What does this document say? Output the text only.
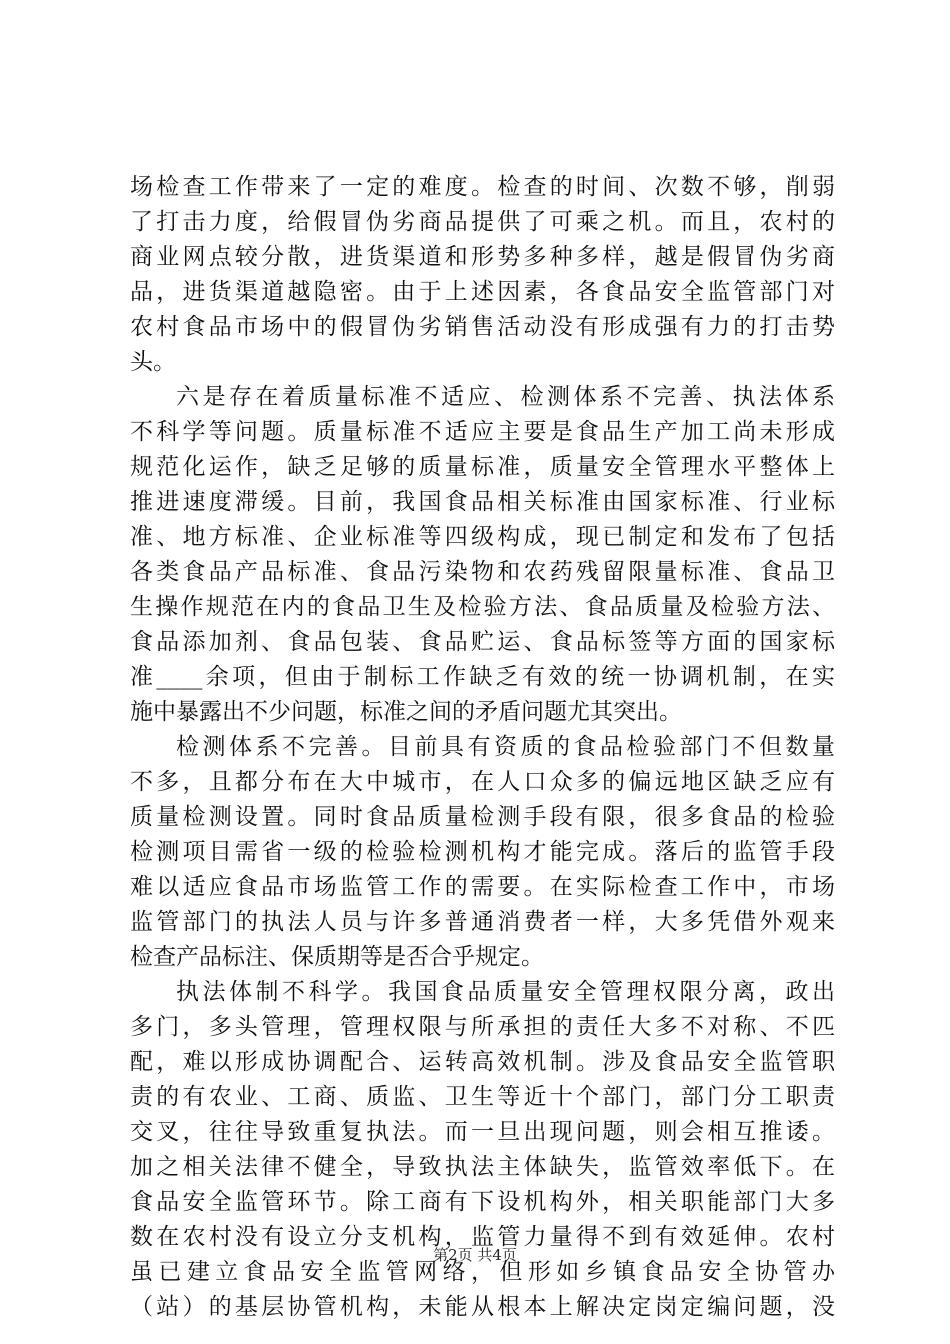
场检查工作带来了一定的难度。检查的时间、次数不够，削弱
了打击力度，给假冒伪劣商品提供了可乘之机。而且，农村的
商业网点较分散，进货渠道和形势多种多样，越是假冒伪劣商
品，进货渠道越隐密。由于上述因素，各食品安全监管部门对
农村食品市场中的假冒伪劣销售活动没有形成强有力的打击势
头。
六是存在着质量标准不适应、检测体系不完善、执法体系
不科学等问题。质量标准不适应主要是食品生产加工尚未形成
规范化运作，缺乏足够的质量标准，质量安全管理水平整体上
推进速度滞缓。目前，我国食品相关标准由国家标准、行业标
准、地方标准、企业标准等四级构成，现已制定和发布了包括
各类食品产品标准、食品污染物和农药残留限量标准、食品卫
生操作规范在内的食品卫生及检验方法、食品质量及检验方法、
食品添加剂、食品包装、食品贮运、食品标签等方面的国家标
准____余项，但由于制标工作缺乏有效的统一协调机制，在实
施中暴露出不少问题，标准之间的矛盾问题尤其突出。
检测体系不完善。目前具有资质的食品检验部门不但数量
不多，且都分布在大中城市，在人口众多的偏远地区缺乏应有
质量检测设置。同时食品质量检测手段有限，很多食品的检验
检测项目需省一级的检验检测机构才能完成。落后的监管手段
难以适应食品市场监管工作的需要。在实际检查工作中，市场
监管部门的执法人员与许多普通消费者一样，大多凭借外观来
检查产品标注、保质期等是否合乎规定。
执法体制不科学。我国食品质量安全管理权限分离，政出
多门，多头管理，管理权限与所承担的责任大多不对称、不匹
配，难以形成协调配合、运转高效机制。涉及食品安全监管职
责的有农业、工商、质监、卫生等近十个部门，部门分工职责
交叉，往往导致重复执法。而一旦出现问题，则会相互推诿。
加之相关法律不健全，导致执法主体缺失，监管效率低下。在
食品安全监管环节。除工商有下设机构外，相关职能部门大多
数在农村没有设立分支机构，监管力量得不到有效延伸。农村
虽已建立食品安全监管网络，但形如乡镇食品安全协管办
（站）的基层协管机构，未能从根本上解决定岗定编问题，没
第2页 共4页
